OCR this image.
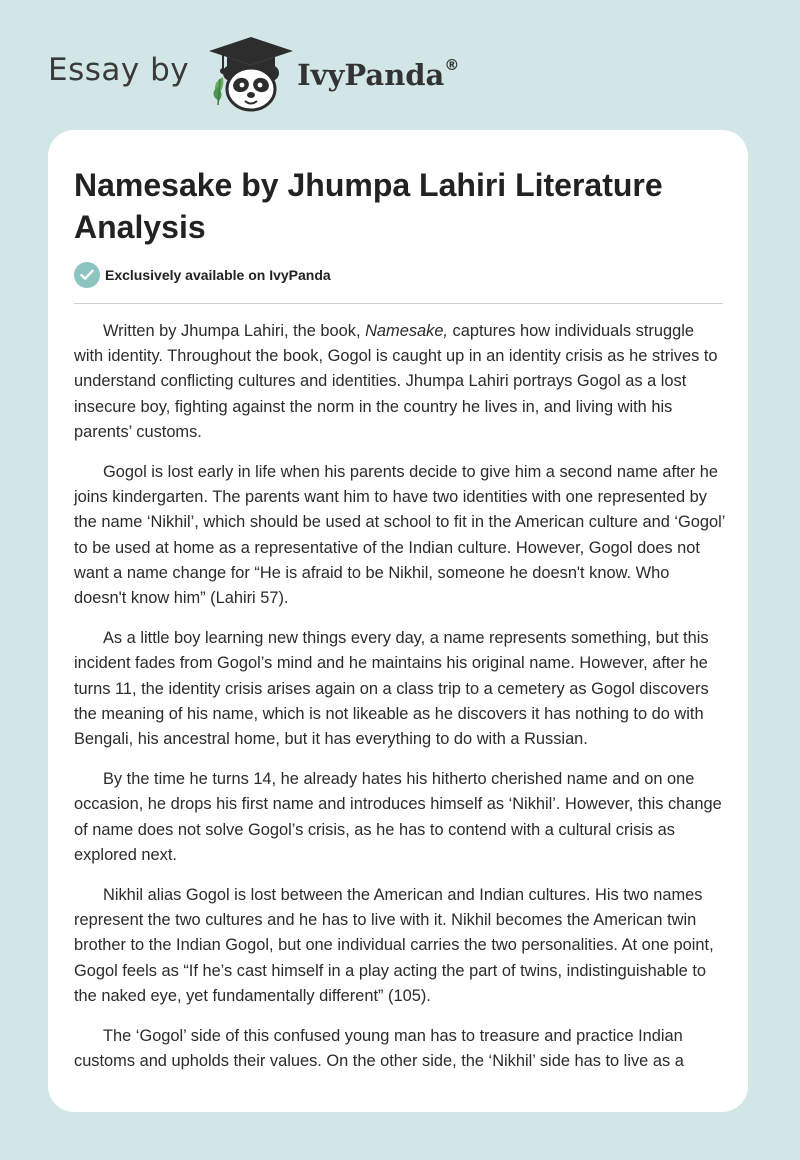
Essay by	IvyPanda®
Namesake by Jhumpa Lahiri Literature Analysis
Exclusively available on IvyPanda

Written by Jhumpa Lahiri, the book, Namesake, captures how individuals struggle with identity. Throughout the book, Gogol is caught up in an identity crisis as he strives to understand conflicting cultures and identities. Jhumpa Lahiri portrays Gogol as a lost insecure boy, fighting against the norm in the country he lives in, and living with his parents’ customs.

Gogol is lost early in life when his parents decide to give him a second name after he joins kindergarten. The parents want him to have two identities with one represented by the name ‘Nikhil’, which should be used at school to fit in the American culture and ‘Gogol’ to be used at home as a representative of the Indian culture. However, Gogol does not want a name change for “He is afraid to be Nikhil, someone he doesn't know. Who doesn't know him” (Lahiri 57).

As a little boy learning new things every day, a name represents something, but this incident fades from Gogol’s mind and he maintains his original name. However, after he turns 11, the identity crisis arises again on a class trip to a cemetery as Gogol discovers the meaning of his name, which is not likeable as he discovers it has nothing to do with Bengali, his ancestral home, but it has everything to do with a Russian.

By the time he turns 14, he already hates his hitherto cherished name and on one occasion, he drops his first name and introduces himself as ‘Nikhil’. However, this change of name does not solve Gogol’s crisis, as he has to contend with a cultural crisis as explored next.

Nikhil alias Gogol is lost between the American and Indian cultures. His two names represent the two cultures and he has to live with it. Nikhil becomes the American twin brother to the Indian Gogol, but one individual carries the two personalities. At one point, Gogol feels as “If he’s cast himself in a play acting the part of twins, indistinguishable to the naked eye, yet fundamentally different” (105).

The ‘Gogol’ side of this confused young man has to treasure and practice Indian customs and upholds their values. On the other side, the ‘Nikhil’ side has to live as a
